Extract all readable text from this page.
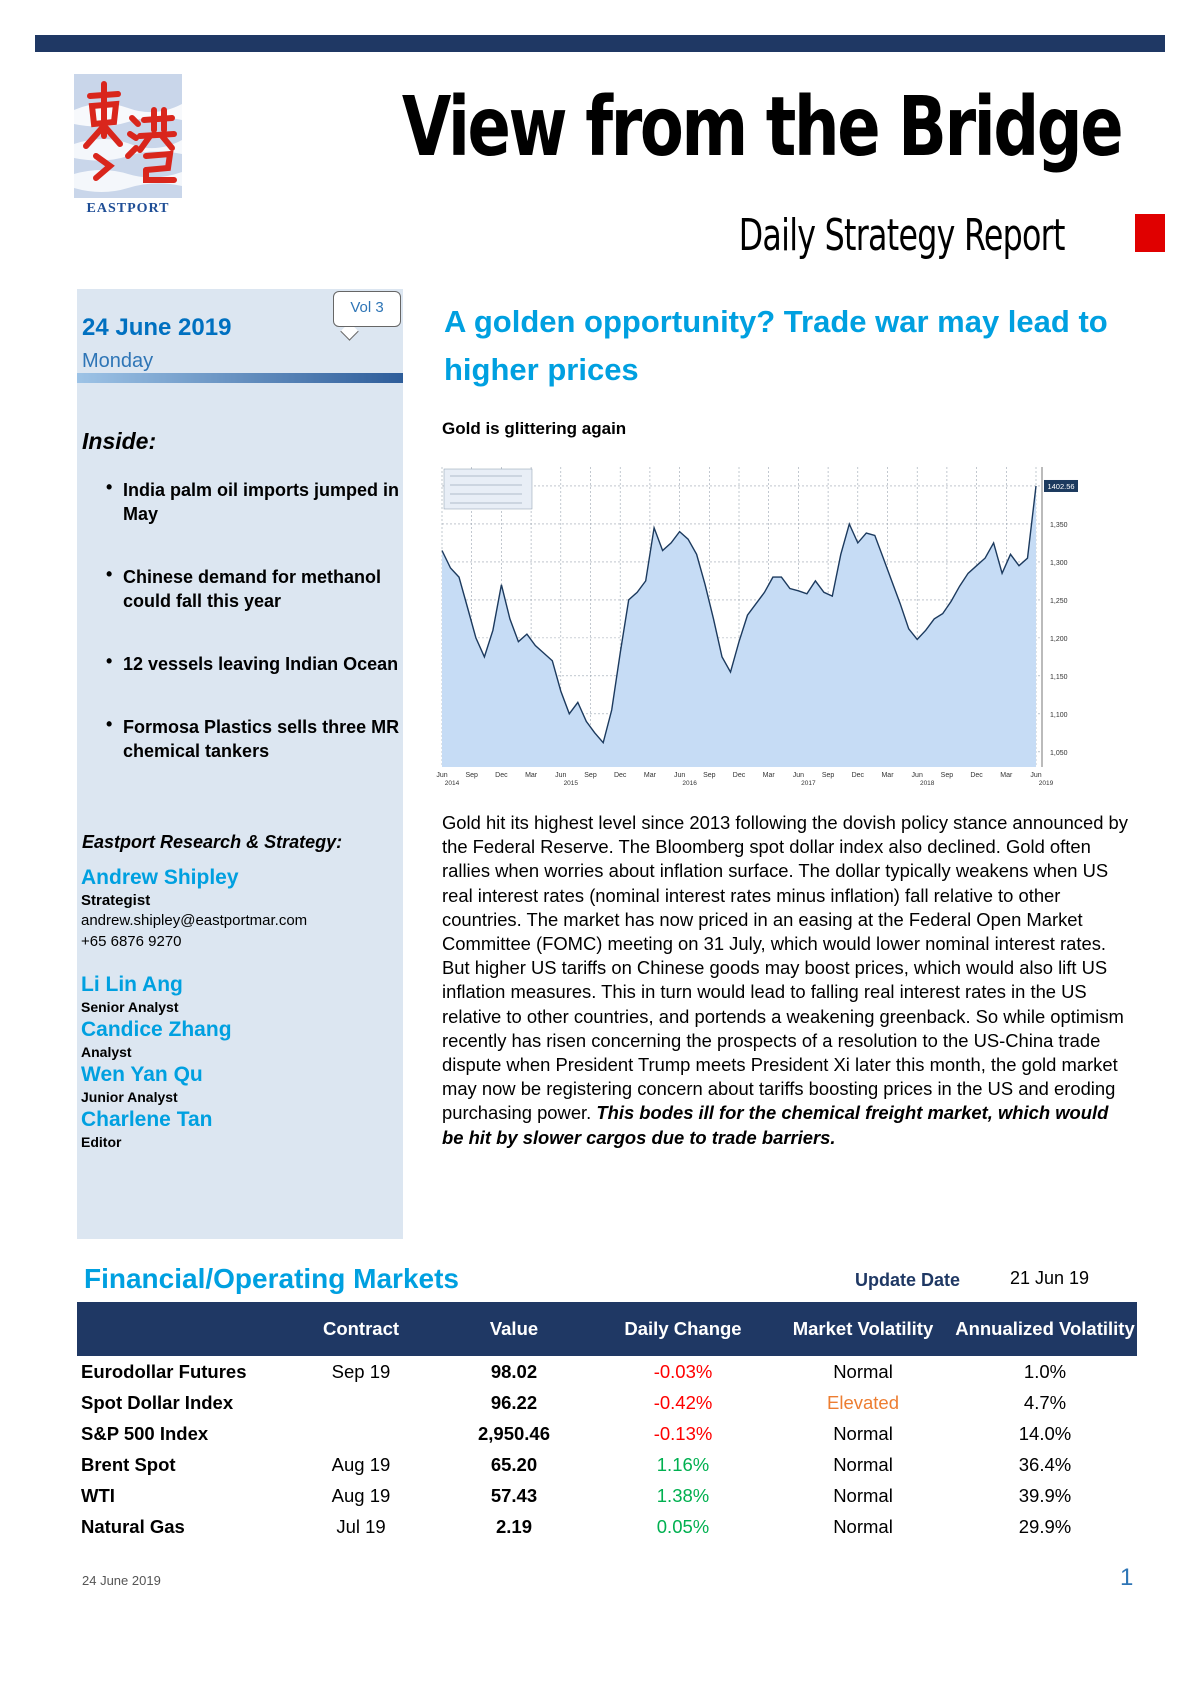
EASTPORT
View from the Bridge
Daily Strategy Report
24 June 2019
Monday
Vol 3
Inside:
• India palm oil imports jumped in May
• Chinese demand for methanol could fall this year
• 12 vessels leaving Indian Ocean
• Formosa Plastics sells three MR chemical tankers
Eastport Research & Strategy:
Andrew Shipley
Strategist
andrew.shipley@eastportmar.com
+65 6876 9270
Li Lin Ang
Senior Analyst
Candice Zhang
Analyst
Wen Yan Qu
Junior Analyst
Charlene Tan
Editor
A golden opportunity? Trade war may lead to higher prices
Gold is glittering again
1,350
1,300
1,250
1,200
1,150
1,100
1,050
Jun	Sep Dec Mar	Jun	Sep Dec Mar	Jun	Sep Dec Mar	Jun	Sep Dec Mar	Jun	Sep Dec Mar	Jun
2014	2015	2016	2017	2018	2019
1402.56
Gold hit its highest level since 2013 following the dovish policy stance announced by the Federal Reserve. The Bloomberg spot dollar index also declined. Gold often rallies when worries about inflation surface. The dollar typically weakens when US real interest rates (nominal interest rates minus inflation) fall relative to other countries. The market has now priced in an easing at the Federal Open Market Committee (FOMC) meeting on 31 July, which would lower nominal interest rates. But higher US tariffs on Chinese goods may boost prices, which would also lift US inflation measures. This in turn would lead to falling real interest rates in the US relative to other countries, and portends a weakening greenback. So while optimism recently has risen concerning the prospects of a resolution to the US-China trade dispute when President Trump meets President Xi later this month, the gold market may now be registering concern about tariffs boosting prices in the US and eroding purchasing power. This bodes ill for the chemical freight market, which would be hit by slower cargos due to trade barriers.
Financial/Operating Markets	Update Date	21 Jun 19
	Contract	Value	Daily Change	Market Volatility	Annualized Volatility
Eurodollar Futures	Sep 19	98.02	-0.03%	Normal	1.0%
Spot Dollar Index		96.22	-0.42%	Elevated	4.7%
S&P 500 Index		2,950.46	-0.13%	Normal	14.0%
Brent Spot	Aug 19	65.20	1.16%	Normal	36.4%
WTI	Aug 19	57.43	1.38%	Normal	39.9%
Natural Gas	Jul 19	2.19	0.05%	Normal	29.9%
24 June 2019	1
